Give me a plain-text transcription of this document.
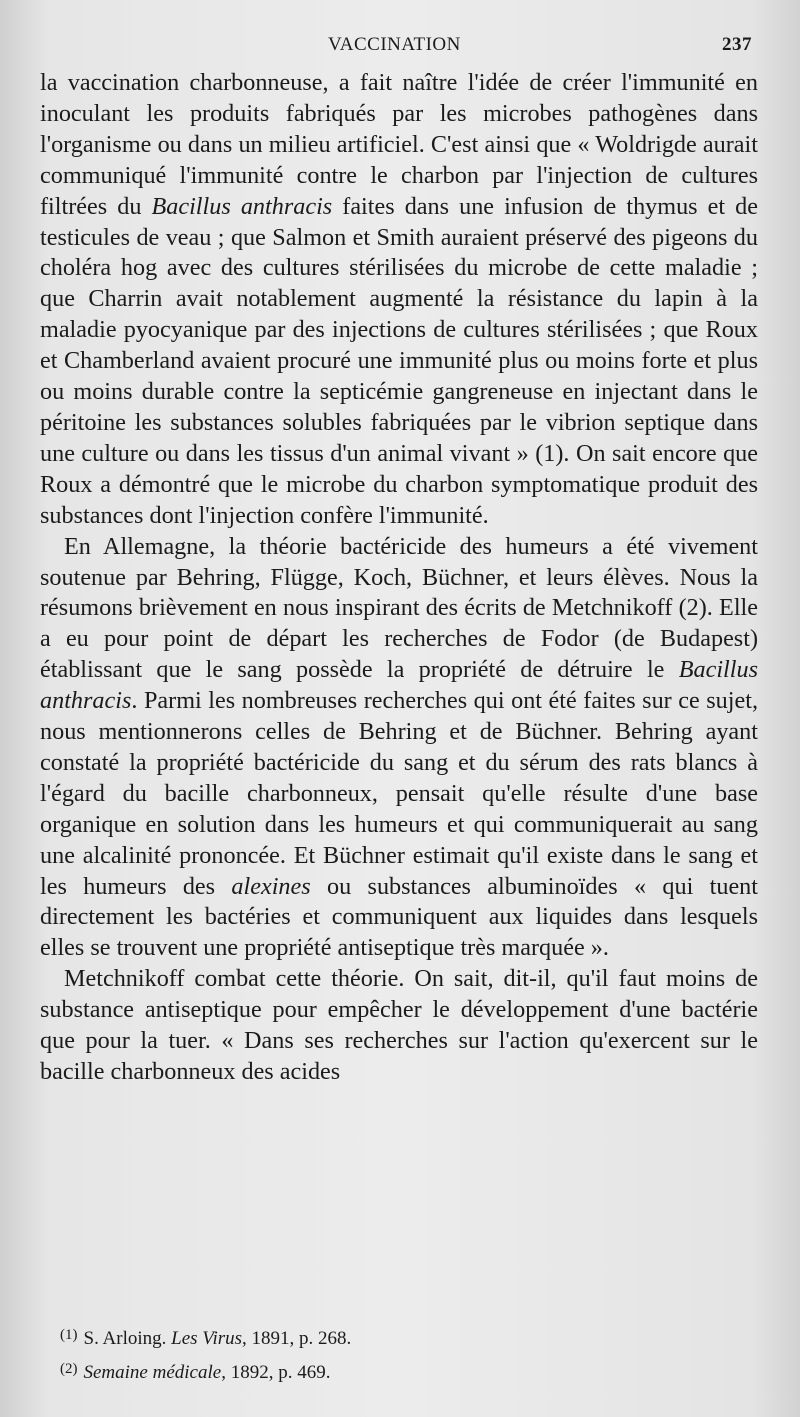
VACCINATION	237

la vaccination charbonneuse, a fait naître l'idée de créer l'immunité en inoculant les produits fabriqués par les microbes pathogènes dans l'organisme ou dans un milieu artificiel. C'est ainsi que « Woldrigde aurait communiqué l'immunité contre le charbon par l'injection de cultures filtrées du Bacillus anthracis faites dans une infusion de thymus et de testicules de veau ; que Salmon et Smith auraient préservé des pigeons du choléra hog avec des cultures stérilisées du microbe de cette maladie ; que Charrin avait notablement augmenté la résistance du lapin à la maladie pyocyanique par des injections de cultures stérilisées ; que Roux et Chamberland avaient procuré une immunité plus ou moins forte et plus ou moins durable contre la septicémie gangreneuse en injectant dans le péritoine les substances solubles fabriquées par le vibrion septique dans une culture ou dans les tissus d'un animal vivant » (1). On sait encore que Roux a démontré que le microbe du charbon symptomatique produit des substances dont l'injection confère l'immunité.

En Allemagne, la théorie bactéricide des humeurs a été vivement soutenue par Behring, Flügge, Koch, Büchner, et leurs élèves. Nous la résumons brièvement en nous inspirant des écrits de Metchnikoff (2). Elle a eu pour point de départ les recherches de Fodor (de Budapest) établissant que le sang possède la propriété de détruire le Bacillus anthracis. Parmi les nombreuses recherches qui ont été faites sur ce sujet, nous mentionnerons celles de Behring et de Büchner. Behring ayant constaté la propriété bactéricide du sang et du sérum des rats blancs à l'égard du bacille charbonneux, pensait qu'elle résulte d'une base organique en solution dans les humeurs et qui communiquerait au sang une alcalinité prononcée. Et Büchner estimait qu'il existe dans le sang et les humeurs des alexines ou substances albuminoïdes « qui tuent directement les bactéries et communiquent aux liquides dans lesquels elles se trouvent une propriété antiseptique très marquée ».

Metchnikoff combat cette théorie. On sait, dit-il, qu'il faut moins de substance antiseptique pour empêcher le développement d'une bactérie que pour la tuer. « Dans ses recherches sur l'action qu'exercent sur le bacille charbonneux des acides

$^{(1)}$ S. Arloing. Les Virus, 1891, p. 268.

$^{(2)}$ Semaine médicale, 1892, p. 469.
